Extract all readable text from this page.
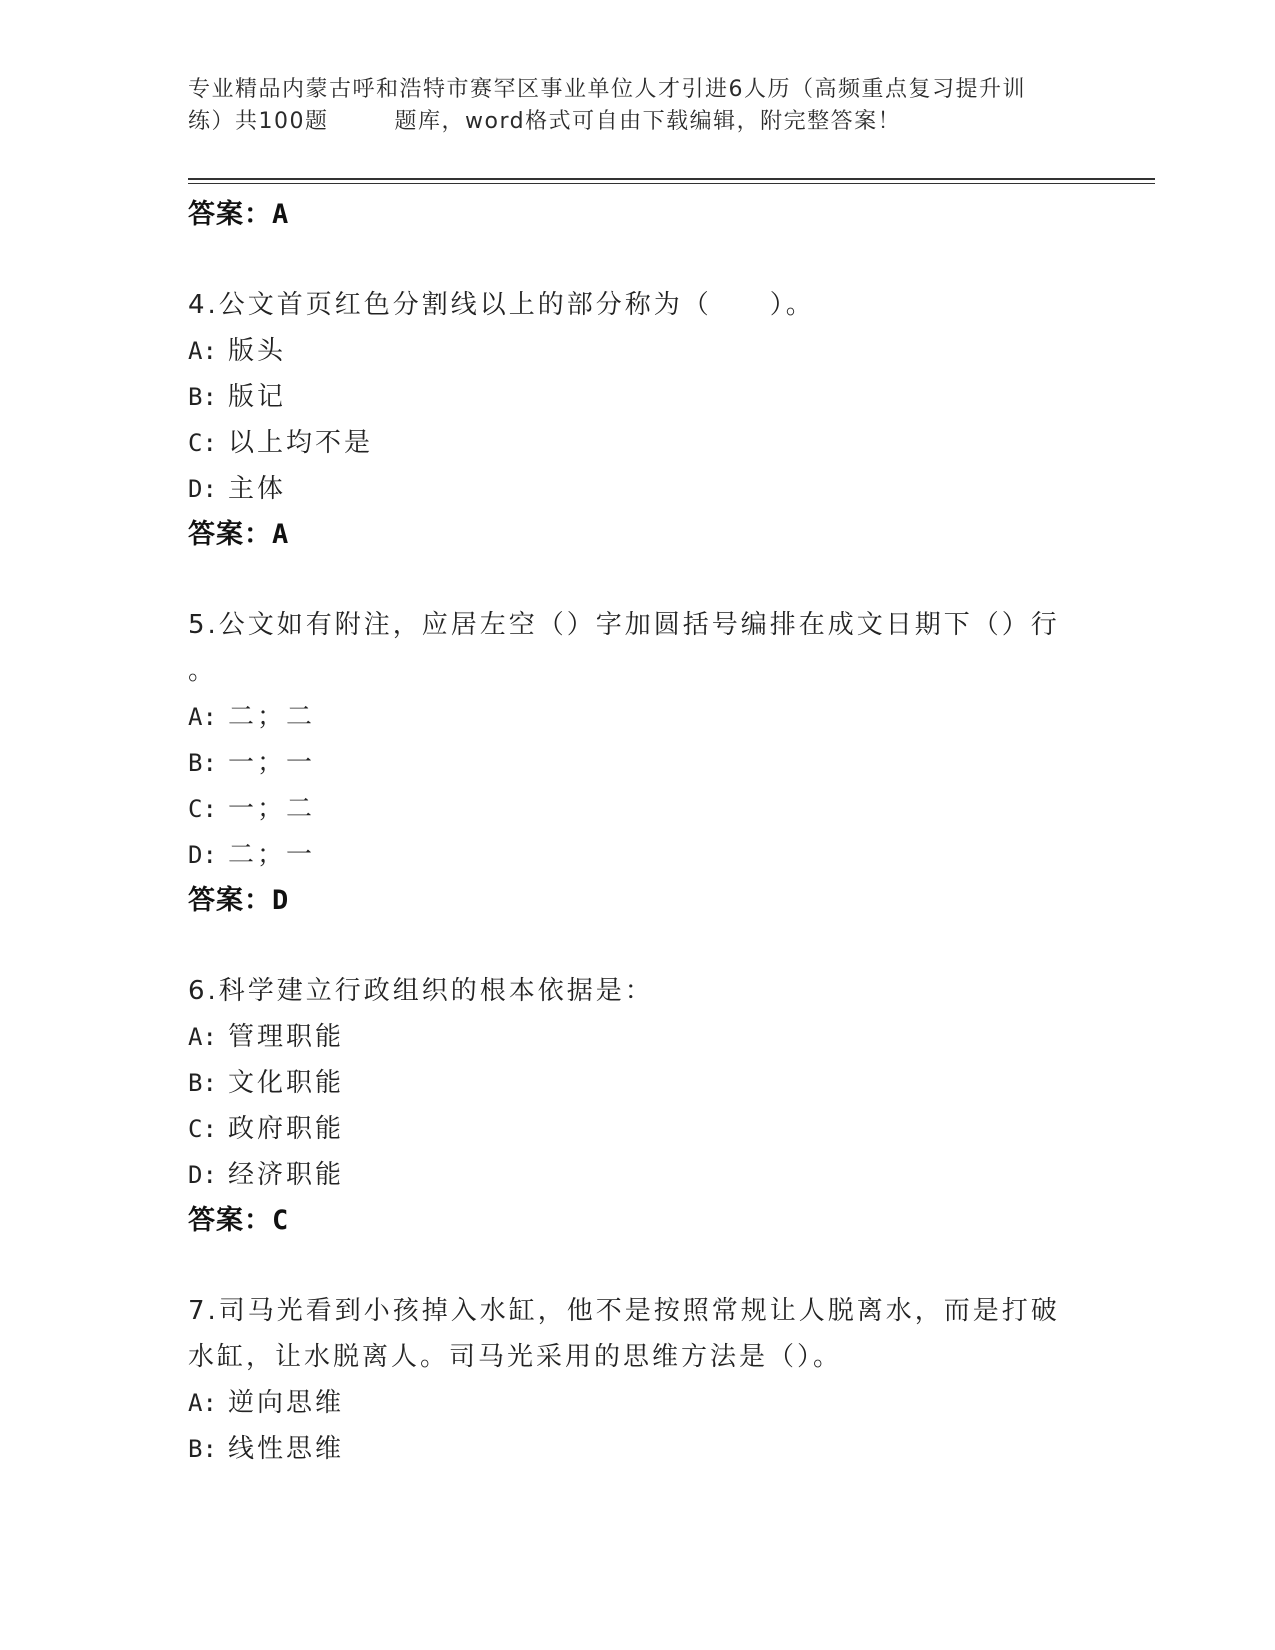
专业精品内蒙古呼和浩特市赛罕区事业单位人才引进6人历（高频重点复习提升训
练）共100题	题库，word格式可自由下载编辑，附完整答案！
答案：A
4.公文首页红色分割线以上的部分称为（　　）。
A: 版头
B: 版记
C: 以上均不是
D: 主体
答案：A
5.公文如有附注，应居左空（）字加圆括号编排在成文日期下（）行
。
A: 二；二
B: 一；一
C: 一；二
D: 二；一
答案：D
6.科学建立行政组织的根本依据是：
A: 管理职能
B: 文化职能
C: 政府职能
D: 经济职能
答案：C
7.司马光看到小孩掉入水缸，他不是按照常规让人脱离水，而是打破
水缸，让水脱离人。司马光采用的思维方法是（）。
A: 逆向思维
B: 线性思维
